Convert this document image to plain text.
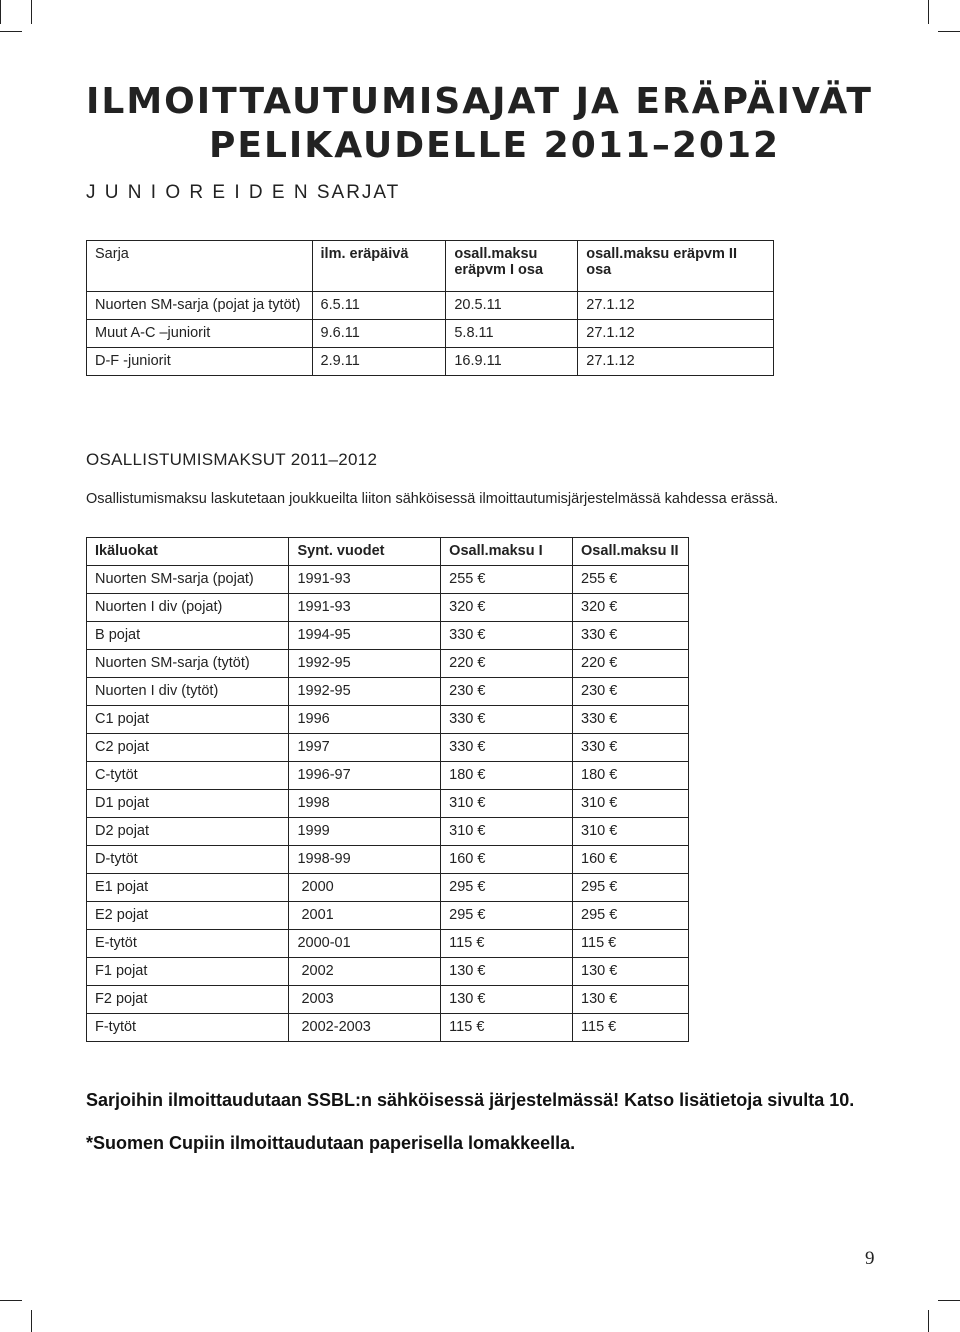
ILMOITTAUTUMISAJAT JA ERÄPÄIVÄT
PELIKAUDELLE 2011–2012
J U N I O R E I D E N SARJAT
Sarja	ilm. eräpäivä	osall.maksu eräpvm I osa	osall.maksu eräpvm II osa
Nuorten SM-sarja (pojat ja tytöt)	6.5.11	20.5.11	27.1.12
Muut A-C –juniorit	9.6.11	5.8.11	27.1.12
D-F -juniorit	2.9.11	16.9.11	27.1.12
OSALLISTUMISMAKSUT 2011–2012
Osallistumismaksu laskutetaan joukkueilta liiton sähköisessä ilmoittautumisjärjestelmässä kahdessa erässä.
Ikäluokat	Synt. vuodet	Osall.maksu I	Osall.maksu II
Nuorten SM-sarja (pojat)	1991-93	255 €	255 €
Nuorten I div (pojat)	1991-93	320 €	320 €
B pojat	1994-95	330 €	330 €
Nuorten SM-sarja (tytöt)	1992-95	220 €	220 €
Nuorten I div (tytöt)	1992-95	230 €	230 €
C1 pojat	1996	330 €	330 €
C2 pojat	1997	330 €	330 €
C-tytöt	1996-97	180 €	180 €
D1 pojat	1998	310 €	310 €
D2 pojat	1999	310 €	310 €
D-tytöt	1998-99	160 €	160 €
E1 pojat	2000	295 €	295 €
E2 pojat	2001	295 €	295 €
E-tytöt	2000-01	115 €	115 €
F1 pojat	2002	130 €	130 €
F2 pojat	2003	130 €	130 €
F-tytöt	2002-2003	115 €	115 €
Sarjoihin ilmoittaudutaan SSBL:n sähköisessä järjestelmässä! Katso lisätietoja sivulta 10.
*Suomen Cupiin ilmoittaudutaan paperisella lomakkeella.
9
